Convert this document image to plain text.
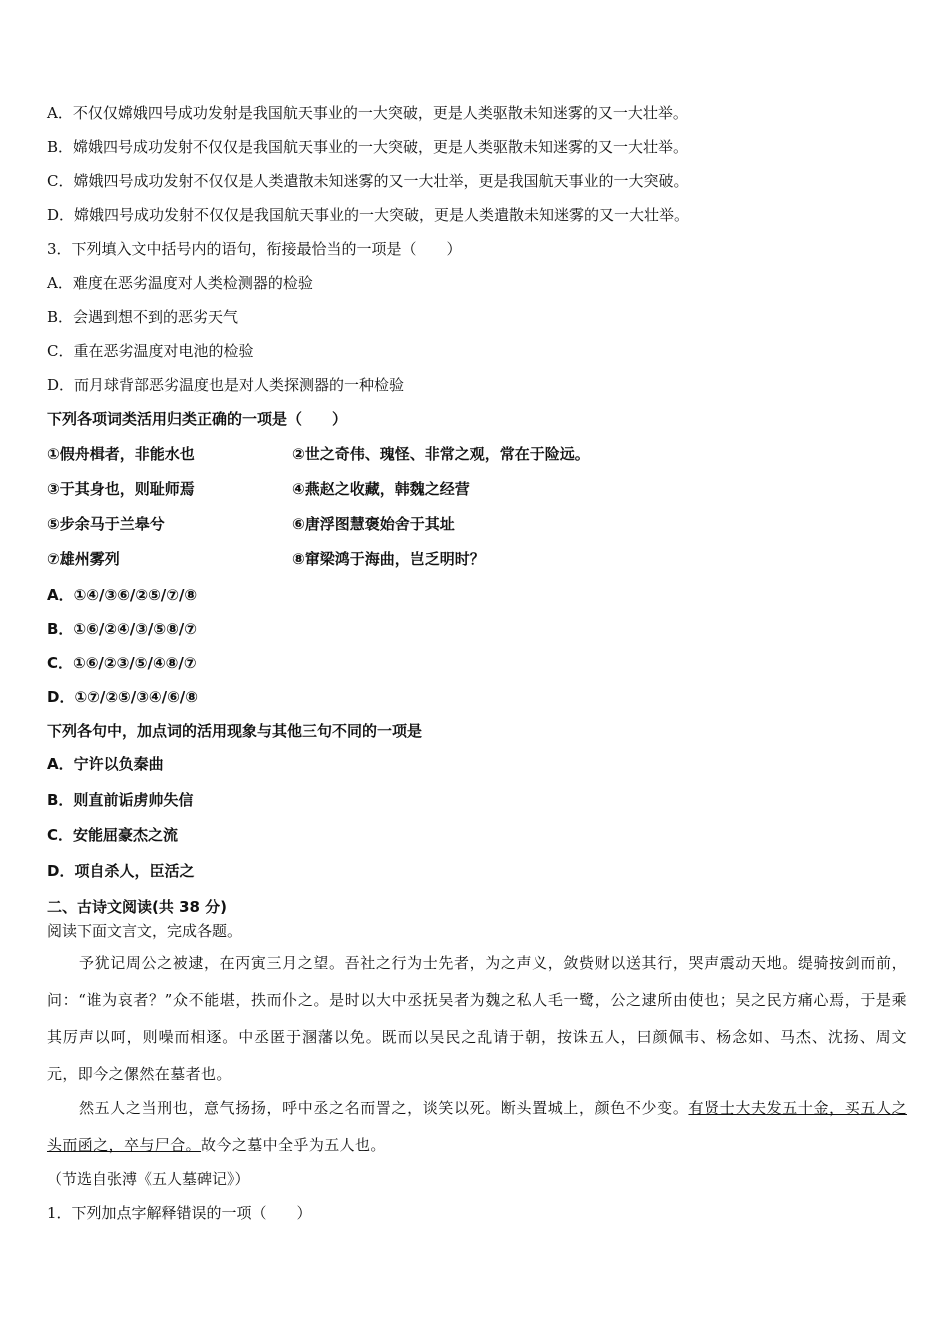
A．不仅仅嫦娥四号成功发射是我国航天事业的一大突破，更是人类驱散未知迷雾的又一大壮举。
B．嫦娥四号成功发射不仅仅是我国航天事业的一大突破，更是人类驱散未知迷雾的又一大壮举。
C．嫦娥四号成功发射不仅仅是人类遣散未知迷雾的又一大壮举，更是我国航天事业的一大突破。
D．嫦娥四号成功发射不仅仅是我国航天事业的一大突破，更是人类遣散未知迷雾的又一大壮举。
3．下列填入文中括号内的语句，衔接最恰当的一项是（　　）
A．难度在恶劣温度对人类检测器的检验
B．会遇到想不到的恶劣天气
C．重在恶劣温度对电池的检验
D．而月球背部恶劣温度也是对人类探测器的一种检验
下列各项词类活用归类正确的一项是（　　）
①假舟楫者，非能水也	②世之奇伟、瑰怪、非常之观，常在于险远。
③于其身也，则耻师焉	④燕赵之收藏，韩魏之经营
⑤步余马于兰皋兮	⑥唐浮图慧褒始舍于其址
⑦雄州雾列	⑧窜梁鸿于海曲，岂乏明时？
A．①④/③⑥/②⑤/⑦/⑧
B．①⑥/②④/③/⑤⑧/⑦
C．①⑥/②③/⑤/④⑧/⑦
D．①⑦/②⑤/③④/⑥/⑧
下列各句中，加点词的活用现象与其他三句不同的一项是
A．宁许以负秦曲
B．则直前诟虏帅失信
C．安能屈豪杰之流
D．项自杀人，臣活之
二、古诗文阅读(共 38 分)
阅读下面文言文，完成各题。
予犹记周公之被逮，在丙寅三月之望。吾社之行为士先者，为之声义，敛赀财以送其行，哭声震动天地。缇骑按剑而前，问：“谁为哀者？”众不能堪，抶而仆之。是时以大中丞抚吴者为魏之私人毛一鹭，公之逮所由使也；吴之民方痛心焉，于是乘其厉声以呵，则噪而相逐。中丞匿于溷藩以免。既而以吴民之乱请于朝，按诛五人，曰颜佩韦、杨念如、马杰、沈扬、周文元，即今之傫然在墓者也。
然五人之当刑也，意气扬扬，呼中丞之名而詈之，谈笑以死。断头置城上，颜色不少变。有贤士大夫发五十金，买五人之头而函之，卒与尸合。故今之墓中全乎为五人也。
（节选自张溥《五人墓碑记》）
1．下列加点字解释错误的一项（　　）
